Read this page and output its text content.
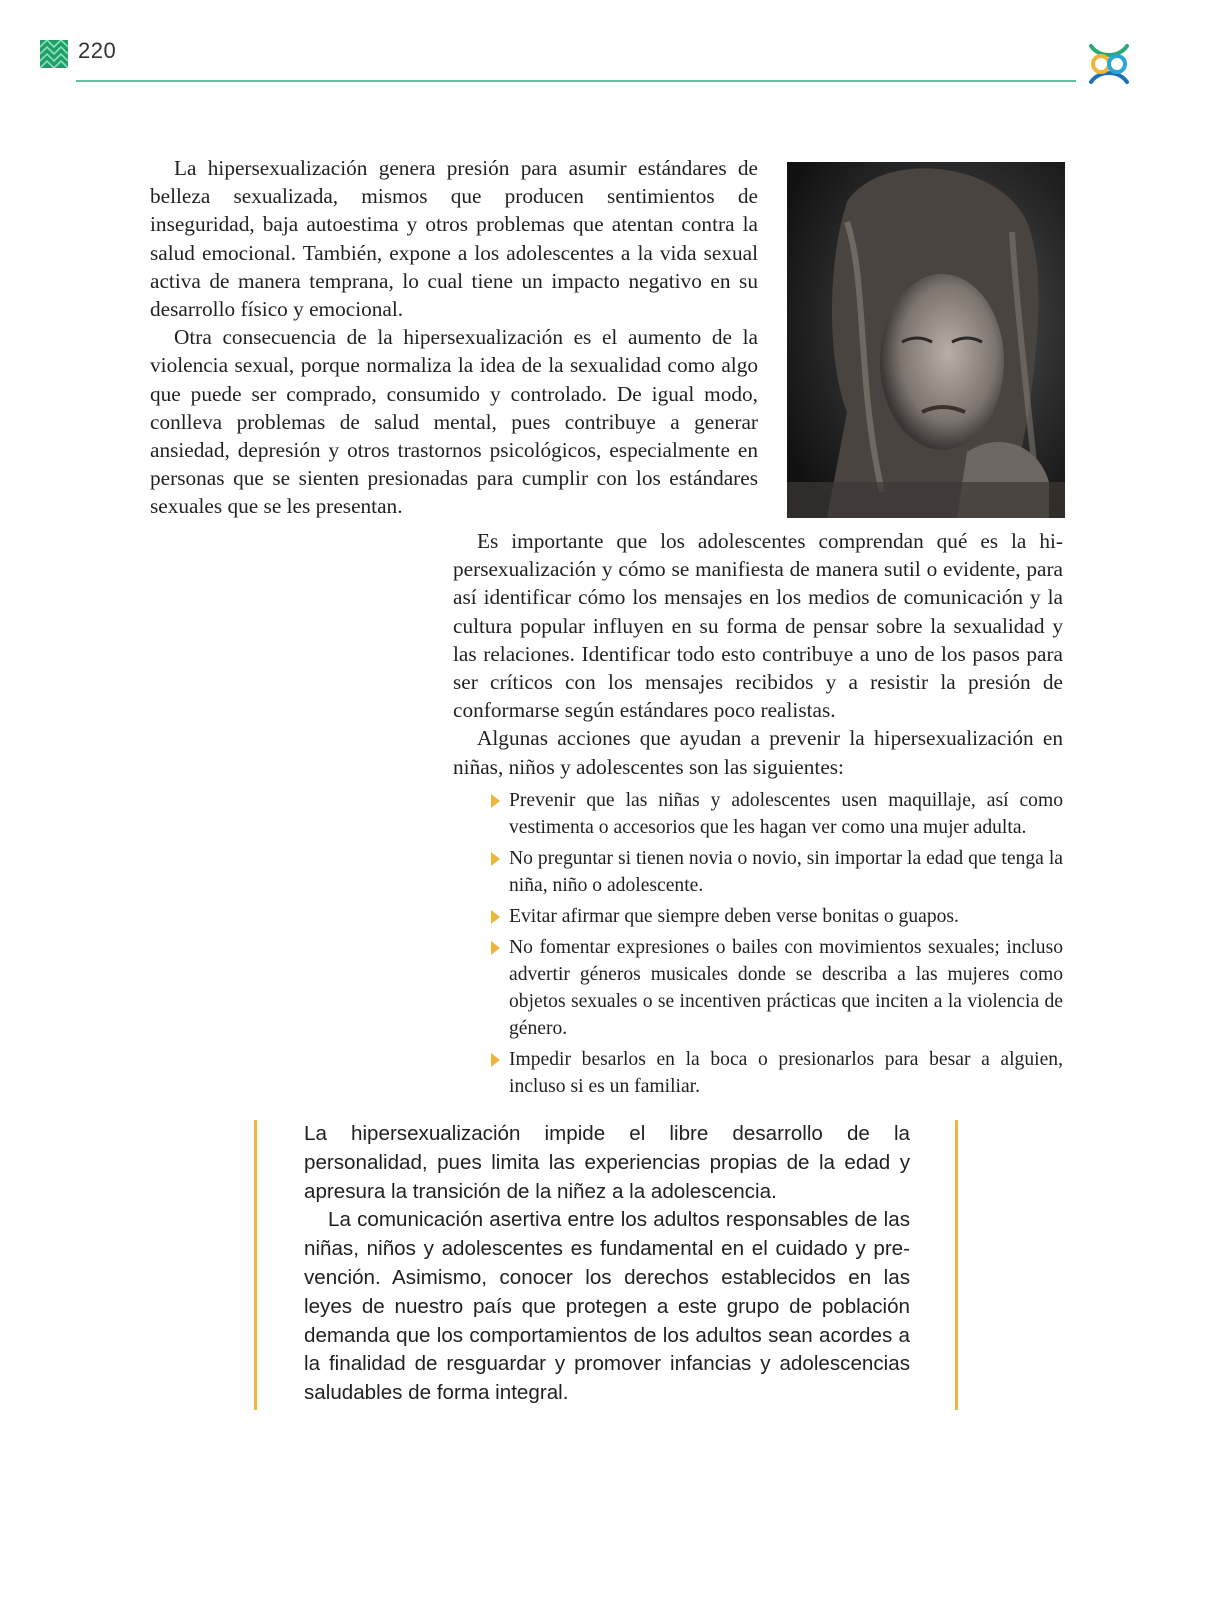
220

La hipersexualización genera presión para asumir estándares de belleza sexualizada, mismos que producen sentimientos de inseguridad, baja autoestima y otros problemas que atentan contra la salud emocional. También, expone a los adolescentes a la vida sexual activa de manera temprana, lo cual tiene un impacto negativo en su desarrollo físico y emocional.

Otra consecuencia de la hipersexualización es el aumento de la violencia sexual, porque normaliza la idea de la sexualidad como algo que puede ser comprado, consumido y controlado. De igual modo, conlleva problemas de salud mental, pues contribuye a generar ansiedad, depresión y otros trastornos psicológicos, especialmente en personas que se sienten presionadas para cumplir con los estándares sexuales que se les presentan.

Es importante que los adolescentes comprendan qué es la hipersexualización y cómo se manifiesta de manera sutil o evidente, para así identificar cómo los mensajes en los medios de comunicación y la cultura popular influyen en su forma de pensar sobre la sexualidad y las relaciones. Identificar todo esto contribuye a uno de los pasos para ser críticos con los mensajes recibidos y a resistir la presión de conformarse según estándares poco realistas.

Algunas acciones que ayudan a prevenir la hipersexualización en niñas, niños y adolescentes son las siguientes:

Prevenir que las niñas y adolescentes usen maquillaje, así como vestimenta o accesorios que les hagan ver como una mujer adulta.
No preguntar si tienen novia o novio, sin importar la edad que tenga la niña, niño o adolescente.
Evitar afirmar que siempre deben verse bonitas o guapos.
No fomentar expresiones o bailes con movimientos sexuales; incluso advertir géneros musicales donde se describa a las mujeres como objetos sexuales o se incentiven prácticas que inciten a la violencia de género.
Impedir besarlos en la boca o presionarlos para besar a alguien, incluso si es un familiar.

La hipersexualización impide el libre desarrollo de la personalidad, pues limita las experiencias propias de la edad y apresura la transición de la niñez a la adolescencia.

La comunicación asertiva entre los adultos responsables de las niñas, niños y adolescentes es fundamental en el cuidado y prevención. Asimismo, conocer los derechos establecidos en las leyes de nuestro país que protegen a este grupo de población demanda que los comportamientos de los adultos sean acordes a la finalidad de resguardar y promover infancias y adolescencias saludables de forma integral.
